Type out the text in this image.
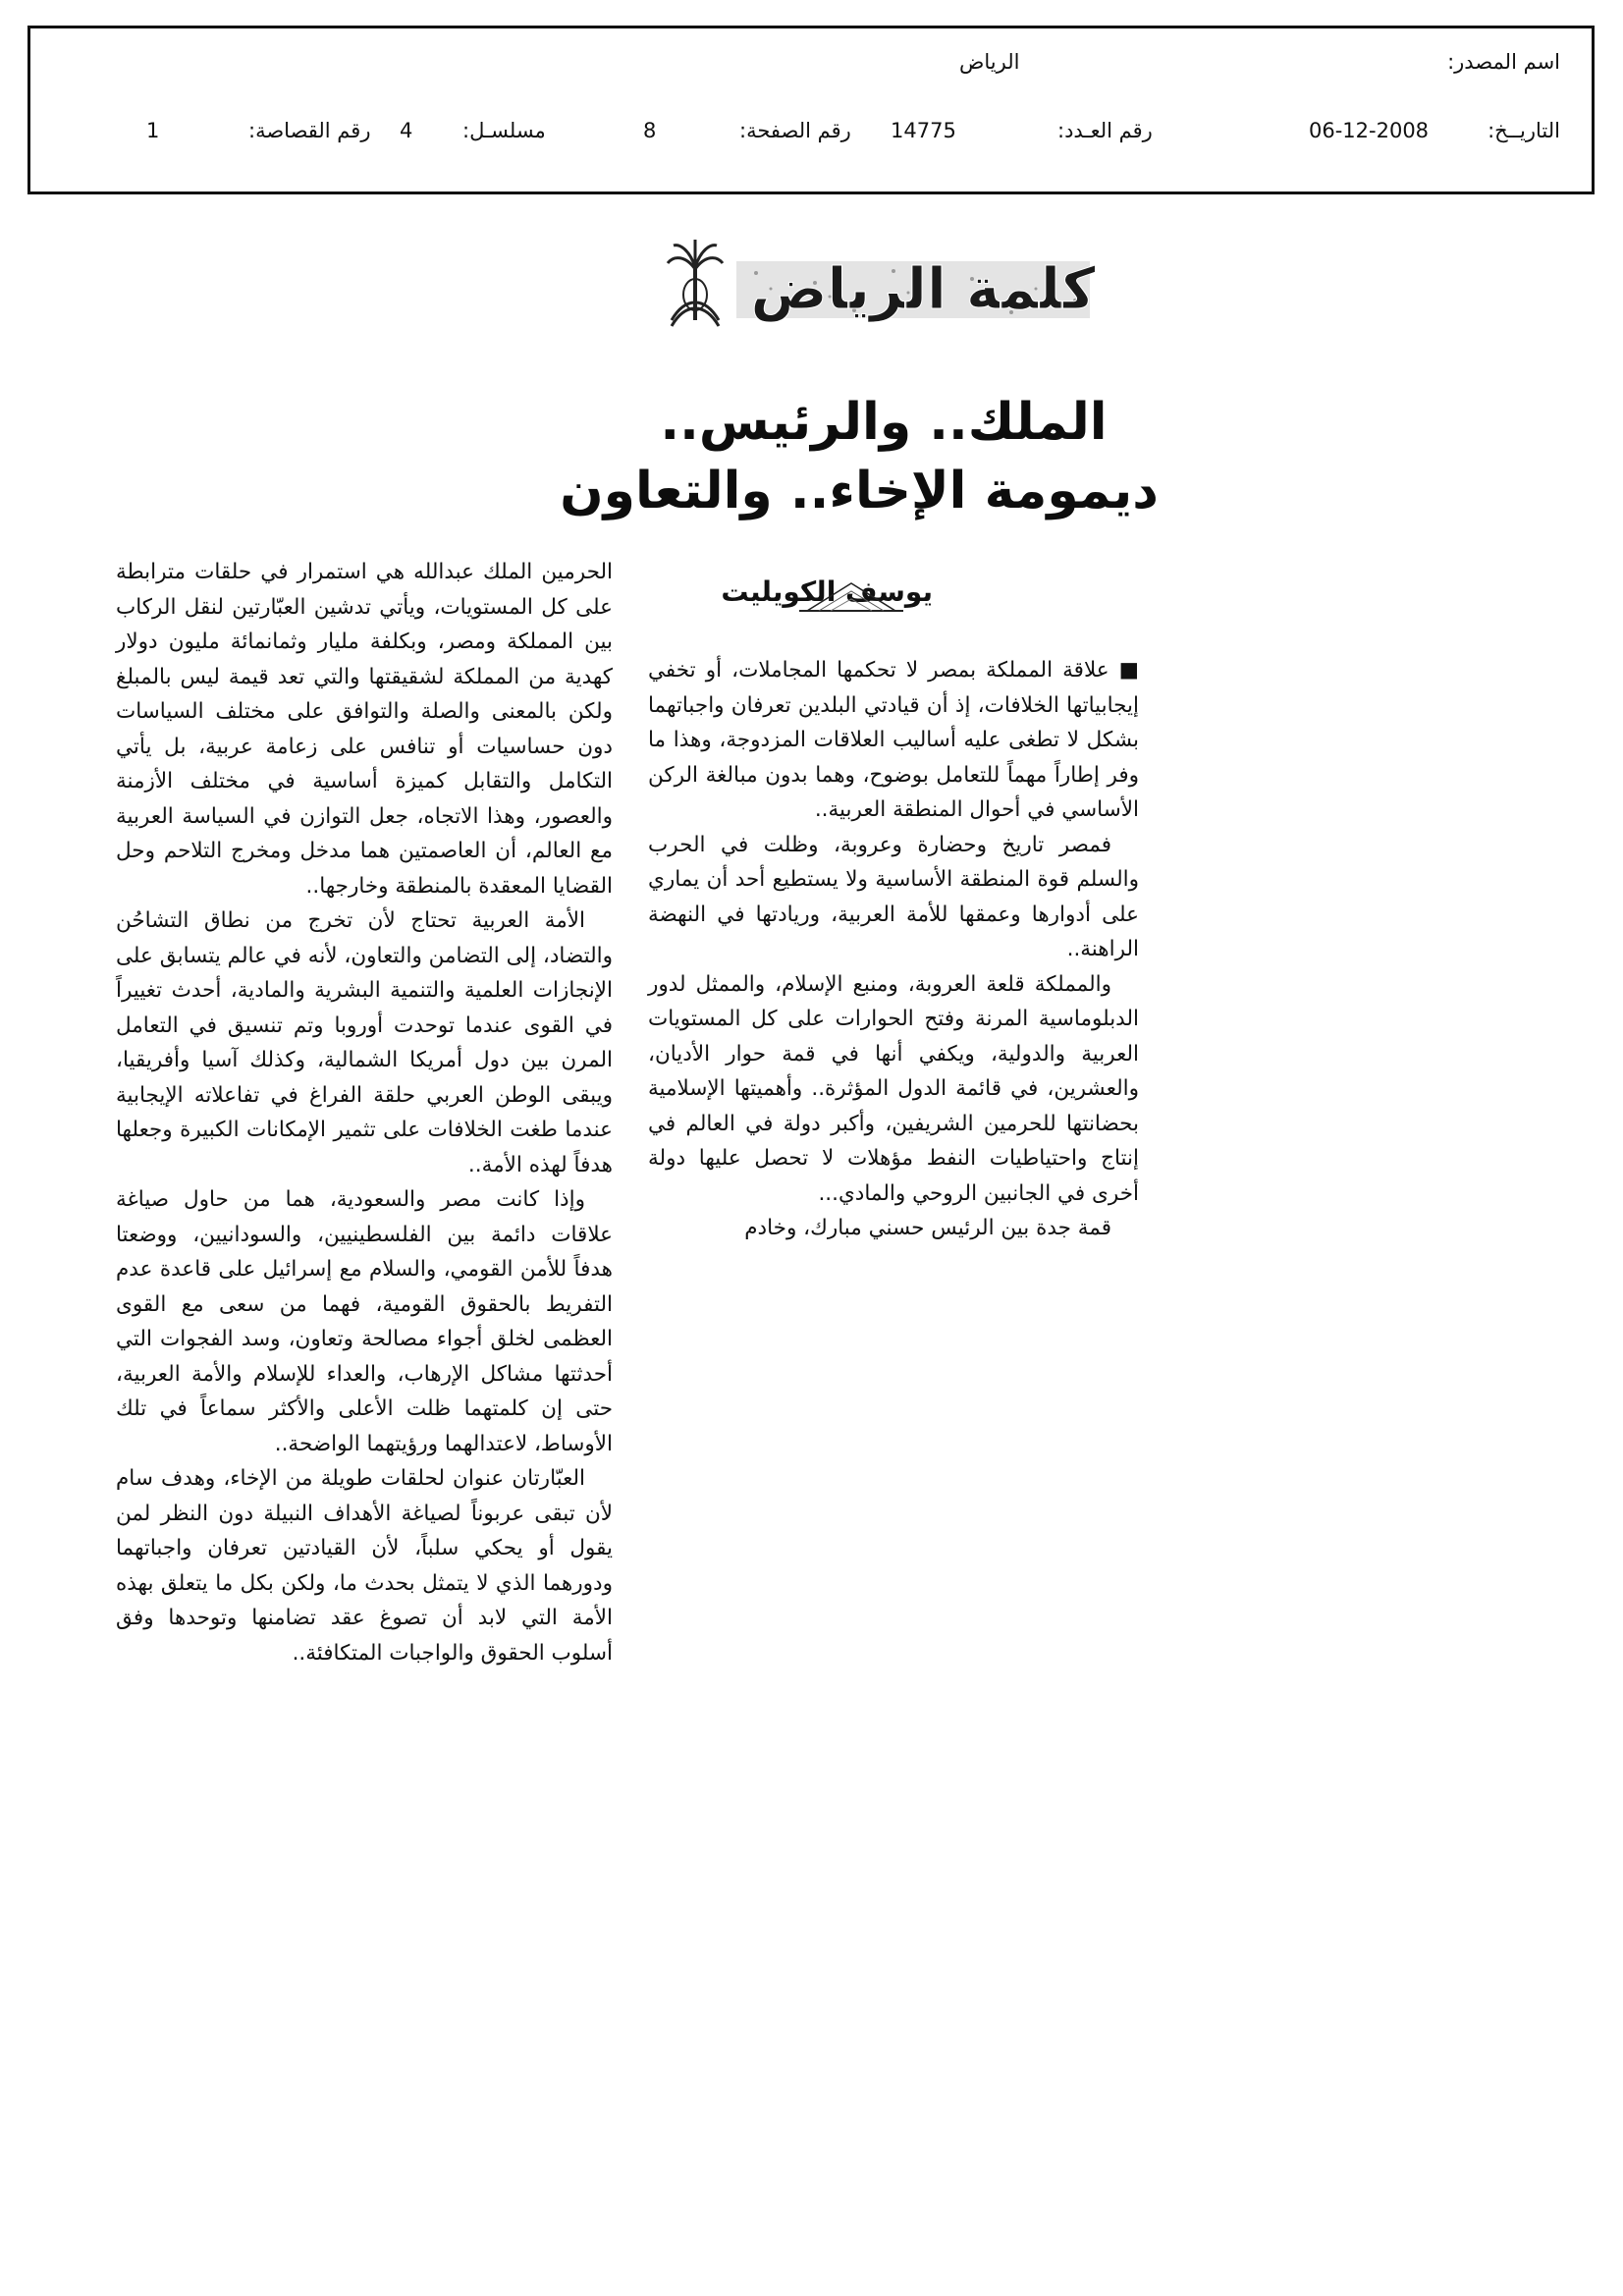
اسم المصدر:
الرياض
التاريــخ:
06-12-2008
رقم العـدد:
14775
رقم الصفحة:
8
مسلسـل:
4
رقم القصاصة:
1
كلمة الرياض
الملك.. والرئيس..
ديمومة الإخاء.. والتعاون
يوسف الكويليت

■ علاقة المملكة بمصر لا تحكمها المجاملات، أو تخفي إيجابياتها الخلافات، إذ أن قيادتي البلدين تعرفان واجباتهما بشكل لا تطغى عليه أساليب العلاقات المزدوجة، وهذا ما وفر إطاراً مهماً للتعامل بوضوح، وهما بدون مبالغة الركن الأساسي في أحوال المنطقة العربية..

فمصر تاريخ وحضارة وعروبة، وظلت في الحرب والسلم قوة المنطقة الأساسية ولا يستطيع أحد أن يماري على أدوارها وعمقها للأمة العربية، وريادتها في النهضة الراهنة..

والمملكة قلعة العروبة، ومنبع الإسلام، والممثل لدور الدبلوماسية المرنة وفتح الحوارات على كل المستويات العربية والدولية، ويكفي أنها في قمة حوار الأديان، والعشرين، في قائمة الدول المؤثرة.. وأهميتها الإسلامية بحضانتها للحرمين الشريفين، وأكبر دولة في العالم في إنتاج واحتياطيات النفط مؤهلات لا تحصل عليها دولة أخرى في الجانبين الروحي والمادي...

قمة جدة بين الرئيس حسني مبارك، وخادم

الحرمين الملك عبدالله هي استمرار في حلقات مترابطة على كل المستويات، ويأتي تدشين العبّارتين لنقل الركاب بين المملكة ومصر، وبكلفة مليار وثمانمائة مليون دولار كهدية من المملكة لشقيقتها والتي تعد قيمة ليس بالمبلغ ولكن بالمعنى والصلة والتوافق على مختلف السياسات دون حساسيات أو تنافس على زعامة عربية، بل يأتي التكامل والتقابل كميزة أساسية في مختلف الأزمنة والعصور، وهذا الاتجاه، جعل التوازن في السياسة العربية مع العالم، أن العاصمتين هما مدخل ومخرج التلاحم وحل القضايا المعقدة بالمنطقة وخارجها..

الأمة العربية تحتاج لأن تخرج من نطاق التشاحُن والتضاد، إلى التضامن والتعاون، لأنه في عالم يتسابق على الإنجازات العلمية والتنمية البشرية والمادية، أحدث تغييراً في القوى عندما توحدت أوروبا وتم تنسيق في التعامل المرن بين دول أمريكا الشمالية، وكذلك آسيا وأفريقيا، ويبقى الوطن العربي حلقة الفراغ في تفاعلاته الإيجابية عندما طغت الخلافات على تثمير الإمكانات الكبيرة وجعلها هدفاً لهذه الأمة..

وإذا كانت مصر والسعودية، هما من حاول صياغة علاقات دائمة بين الفلسطينيين، والسودانيين، ووضعتا هدفاً للأمن القومي، والسلام مع إسرائيل على قاعدة عدم التفريط بالحقوق القومية، فهما من سعى مع القوى العظمى لخلق أجواء مصالحة وتعاون، وسد الفجوات التي أحدثتها مشاكل الإرهاب، والعداء للإسلام والأمة العربية، حتى إن كلمتهما ظلت الأعلى والأكثر سماعاً في تلك الأوساط، لاعتدالهما ورؤيتهما الواضحة..

العبّارتان عنوان لحلقات طويلة من الإخاء، وهدف سام لأن تبقى عربوناً لصياغة الأهداف النبيلة دون النظر لمن يقول أو يحكي سلباً، لأن القيادتين تعرفان واجباتهما ودورهما الذي لا يتمثل بحدث ما، ولكن بكل ما يتعلق بهذه الأمة التي لابد أن تصوغ عقد تضامنها وتوحدها وفق أسلوب الحقوق والواجبات المتكافئة..
